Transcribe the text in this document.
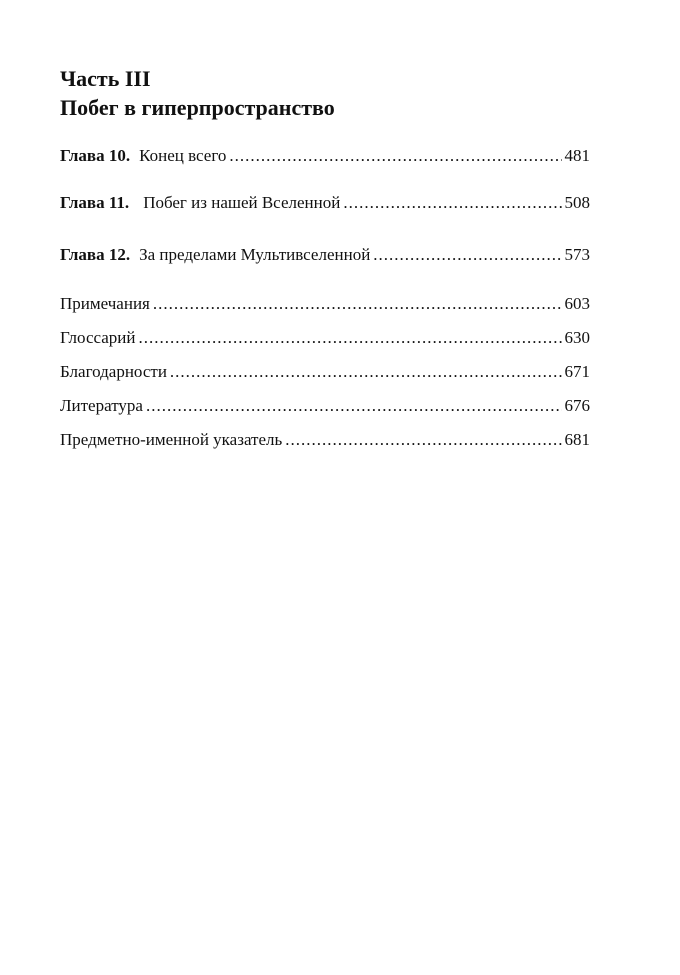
Часть III
Побег в гиперпространство
Глава 10. Конец всего .....	481
Глава 11. Побег из нашей Вселенной .....	508
Глава 12. За пределами Мультивселенной .....	573
Примечания .....	603
Глоссарий .....	630
Благодарности .....	671
Литература .....	676
Предметно-именной указатель .....	681
